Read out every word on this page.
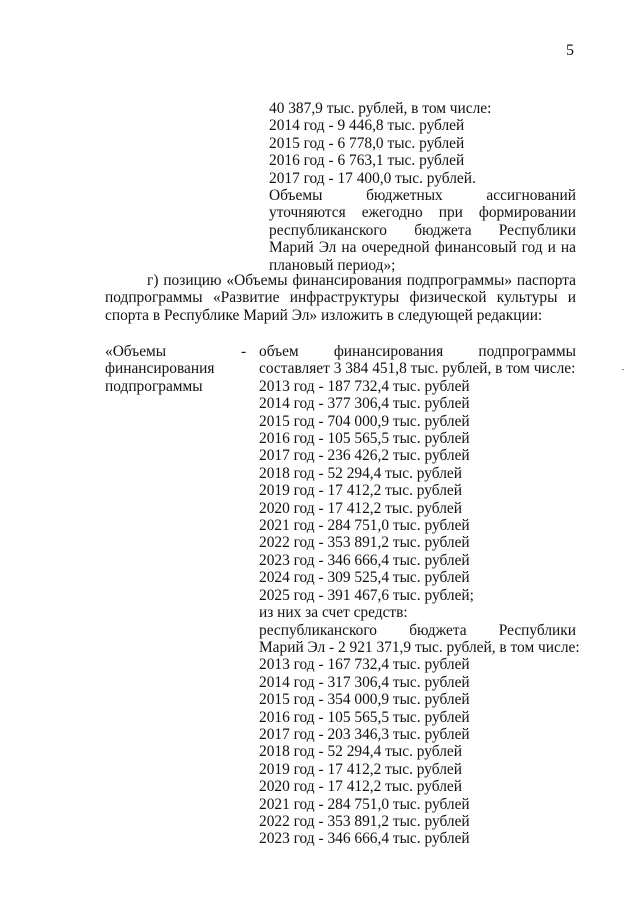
5
40 387,9 тыс. рублей, в том числе:
2014 год - 9 446,8 тыс. рублей
2015 год - 6 778,0 тыс. рублей
2016 год - 6 763,1 тыс. рублей
2017 год - 17 400,0 тыс. рублей.
Объемы бюджетных ассигнований уточняются ежегодно при формировании республиканского бюджета Республики Марий Эл на очередной финансовый год и на плановый период»;
г) позицию «Объемы финансирования подпрограммы» паспорта подпрограммы «Развитие инфраструктуры физической культуры и спорта в Республике Марий Эл» изложить в следующей редакции:
«Объемы
финансирования
подпрограммы
- объем финансирования подпрограммы
составляет 3 384 451,8 тыс. рублей, в том числе:
2013 год - 187 732,4 тыс. рублей
2014 год - 377 306,4 тыс. рублей
2015 год - 704 000,9 тыс. рублей
2016 год - 105 565,5 тыс. рублей
2017 год - 236 426,2 тыс. рублей
2018 год - 52 294,4 тыс. рублей
2019 год - 17 412,2 тыс. рублей
2020 год - 17 412,2 тыс. рублей
2021 год - 284 751,0 тыс. рублей
2022 год - 353 891,2 тыс. рублей
2023 год - 346 666,4 тыс. рублей
2024 год - 309 525,4 тыс. рублей
2025 год - 391 467,6 тыс. рублей;
из них за счет средств:
республиканского бюджета Республики
Марий Эл - 2 921 371,9 тыс. рублей, в том числе:
2013 год - 167 732,4 тыс. рублей
2014 год - 317 306,4 тыс. рублей
2015 год - 354 000,9 тыс. рублей
2016 год - 105 565,5 тыс. рублей
2017 год - 203 346,3 тыс. рублей
2018 год - 52 294,4 тыс. рублей
2019 год - 17 412,2 тыс. рублей
2020 год - 17 412,2 тыс. рублей
2021 год - 284 751,0 тыс. рублей
2022 год - 353 891,2 тыс. рублей
2023 год - 346 666,4 тыс. рублей
